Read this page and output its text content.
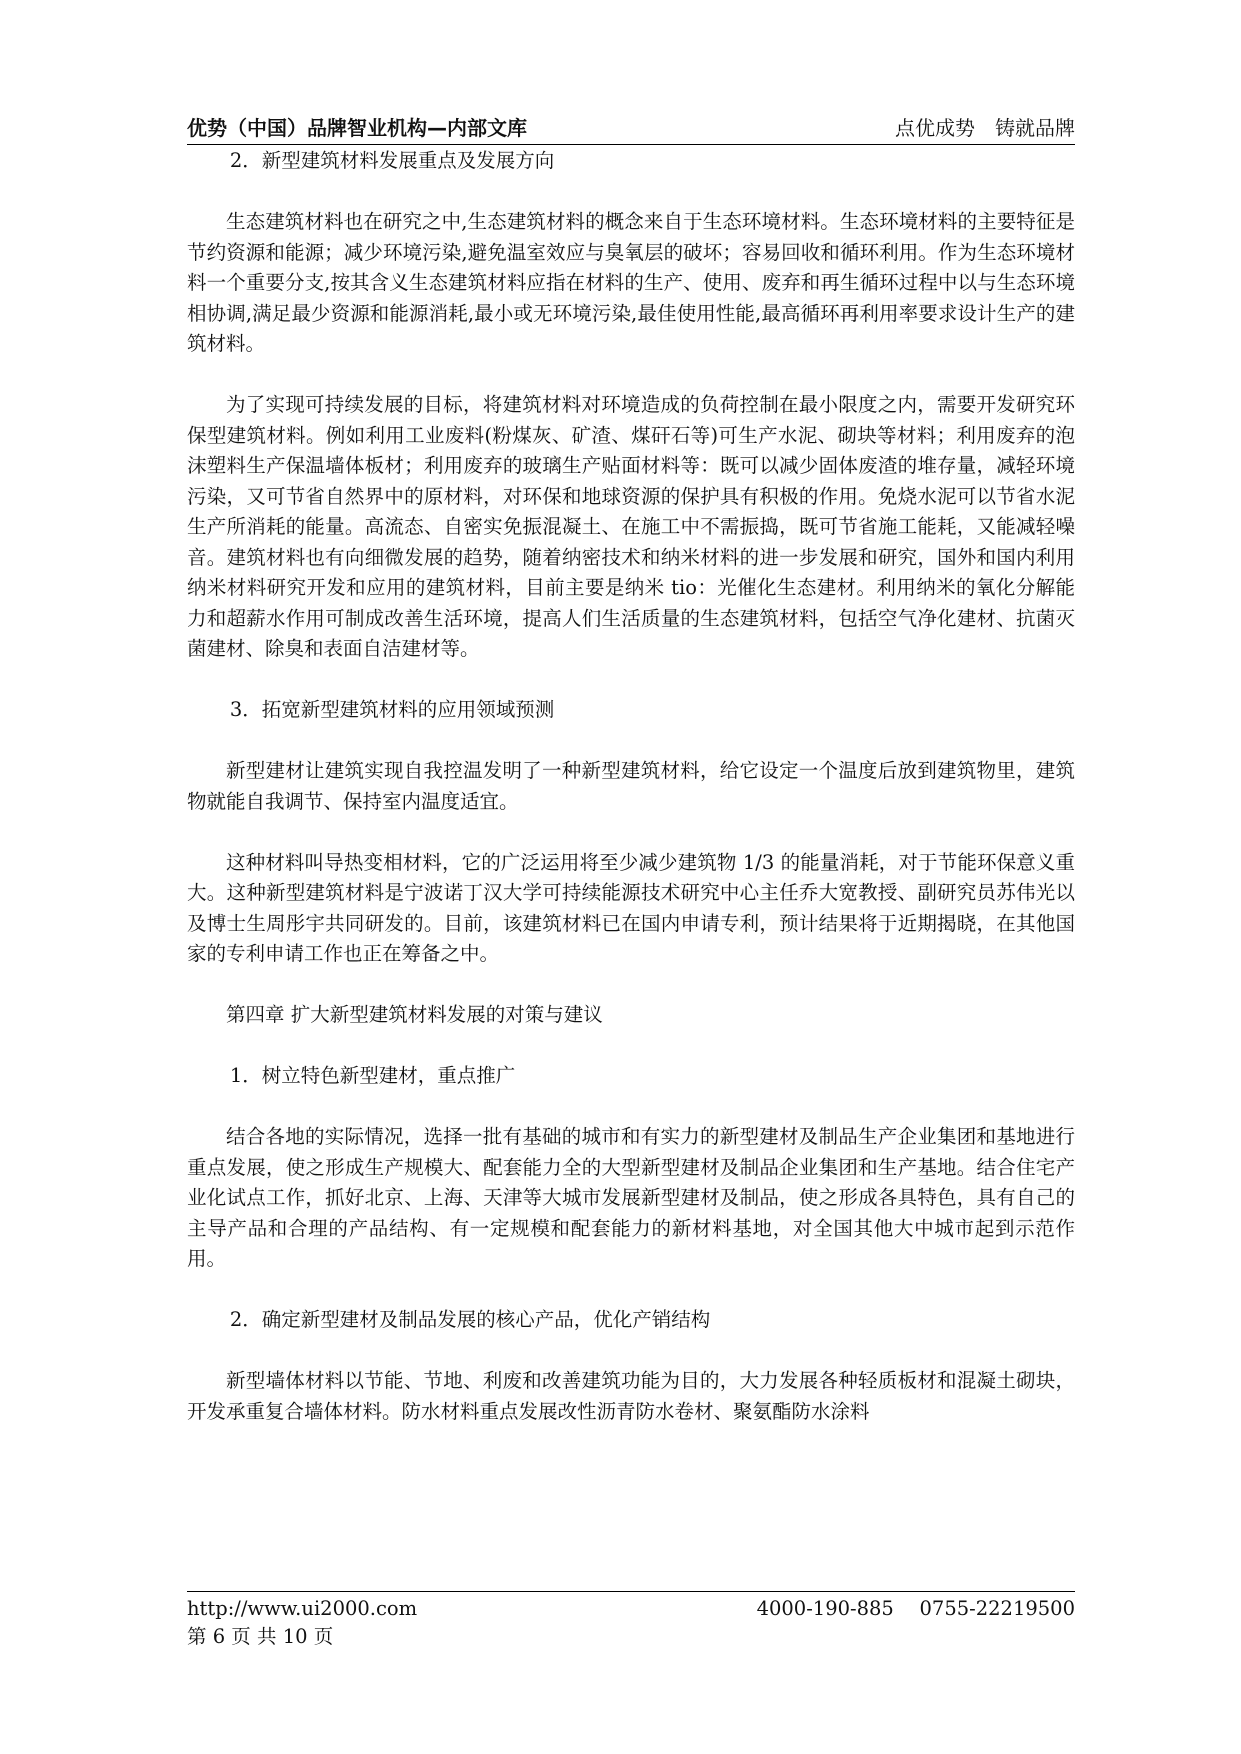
优势（中国）品牌智业机构—内部文库	点优成势　铸就品牌

2．新型建筑材料发展重点及发展方向

生态建筑材料也在研究之中,生态建筑材料的概念来自于生态环境材料。生态环境材料的主要特征是节约资源和能源；减少环境污染,避免温室效应与臭氧层的破坏；容易回收和循环利用。作为生态环境材料一个重要分支,按其含义生态建筑材料应指在材料的生产、使用、废弃和再生循环过程中以与生态环境相协调,满足最少资源和能源消耗,最小或无环境污染,最佳使用性能,最高循环再利用率要求设计生产的建筑材料。

为了实现可持续发展的目标，将建筑材料对环境造成的负荷控制在最小限度之内，需要开发研究环保型建筑材料。例如利用工业废料(粉煤灰、矿渣、煤矸石等)可生产水泥、砌块等材料；利用废弃的泡沫塑料生产保温墙体板材；利用废弃的玻璃生产贴面材料等：既可以减少固体废渣的堆存量，减轻环境污染，又可节省自然界中的原材料，对环保和地球资源的保护具有积极的作用。免烧水泥可以节省水泥生产所消耗的能量。高流态、自密实免振混凝土、在施工中不需振捣，既可节省施工能耗，又能减轻噪音。建筑材料也有向细微发展的趋势，随着纳密技术和纳米材料的进一步发展和研究，国外和国内利用纳米材料研究开发和应用的建筑材料，目前主要是纳米 tio：光催化生态建材。利用纳米的氧化分解能力和超薪水作用可制成改善生活环境，提高人们生活质量的生态建筑材料，包括空气净化建材、抗菌灭菌建材、除臭和表面自洁建材等。

3．拓宽新型建筑材料的应用领域预测

新型建材让建筑实现自我控温发明了一种新型建筑材料，给它设定一个温度后放到建筑物里，建筑物就能自我调节、保持室内温度适宜。

这种材料叫导热变相材料，它的广泛运用将至少减少建筑物 1/3 的能量消耗，对于节能环保意义重大。这种新型建筑材料是宁波诺丁汉大学可持续能源技术研究中心主任乔大宽教授、副研究员苏伟光以及博士生周彤宇共同研发的。目前，该建筑材料已在国内申请专利，预计结果将于近期揭晓，在其他国家的专利申请工作也正在筹备之中。

第四章 扩大新型建筑材料发展的对策与建议

1．树立特色新型建材，重点推广

结合各地的实际情况，选择一批有基础的城市和有实力的新型建材及制品生产企业集团和基地进行重点发展，使之形成生产规模大、配套能力全的大型新型建材及制品企业集团和生产基地。结合住宅产业化试点工作，抓好北京、上海、天津等大城市发展新型建材及制品，使之形成各具特色，具有自己的主导产品和合理的产品结构、有一定规模和配套能力的新材料基地，对全国其他大中城市起到示范作用。

2．确定新型建材及制品发展的核心产品，优化产销结构

新型墙体材料以节能、节地、利废和改善建筑功能为目的，大力发展各种轻质板材和混凝土砌块，开发承重复合墙体材料。防水材料重点发展改性沥青防水卷材、聚氨酯防水涂料

http://www.ui2000.com	4000-190-885　 0755-22219500
第 6 页 共 10 页
